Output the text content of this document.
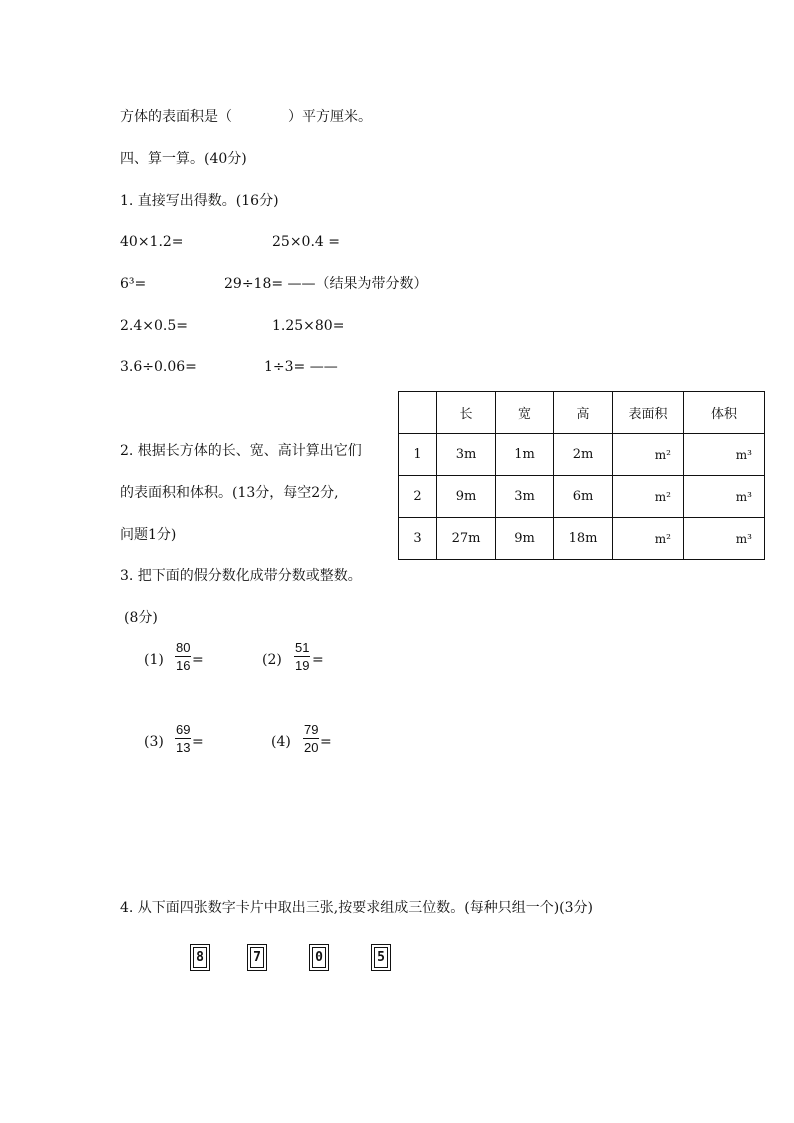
方体的表面积是（　　　　）平方厘米。
四、算一算。(40分)
1. 直接写出得数。(16分)
40×1.2=	25×0.4 =
6³=	29÷18= ——（结果为带分数）
2.4×0.5=	1.25×80=
3.6÷0.06=	1÷3= ——
2. 根据长方体的长、宽、高计算出它们
的表面积和体积。(13分，每空2分,
问题1分)
	长	宽	高	表面积	体积
1	3m	1m	2m	m²	m³
2	9m	3m	6m	m²	m³
3	27m	9m	18m	m²	m³
3. 把下面的假分数化成带分数或整数。
(8分)
$(1) \frac{80}{16}$ =	$(2) \frac{51}{19}$ =
$(3) \frac{69}{13}$ =	$(4) \frac{79}{20}$ =
4. 从下面四张数字卡片中取出三张,按要求组成三位数。(每种只组一个)(3分)
8	7	0	5
